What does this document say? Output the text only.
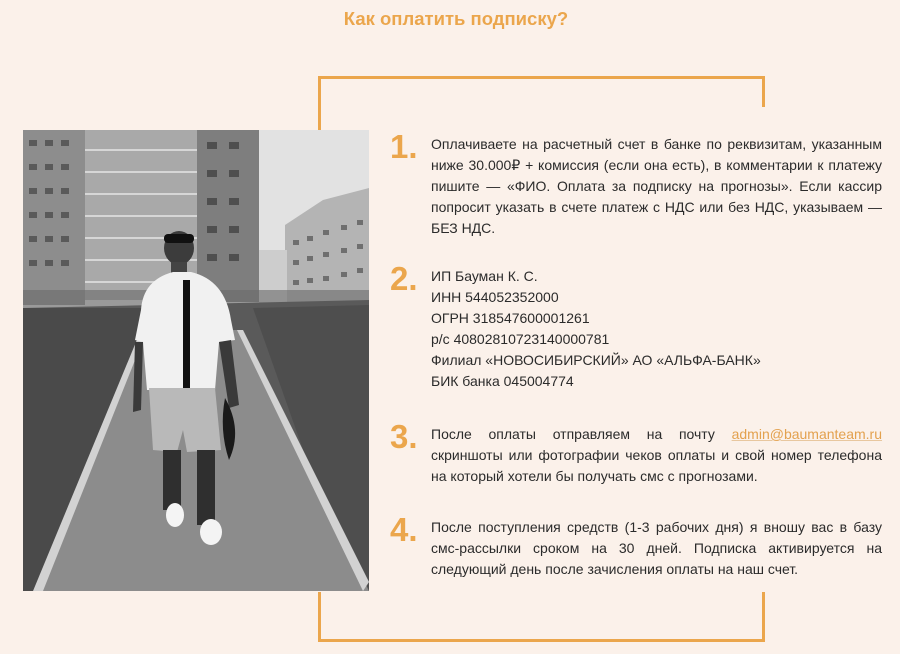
Как оплатить подписку?
1. Оплачиваете на расчетный счет в банке по реквизитам, указанным ниже 30.000₽ + комиссия (если она есть), в комментарии к платежу пишите — «ФИО. Оплата за подписку на прогнозы». Если кассир попросит указать в счете платеж с НДС или без НДС, указываем — БЕЗ НДС.
2. ИП Бауман К. С.
ИНН 544052352000
ОГРН 318547600001261
р/с 40802810723140000781
Филиал «НОВОСИБИРСКИЙ» АО «АЛЬФА-БАНК»
БИК банка 045004774
3. После оплаты отправляем на почту admin@baumanteam.ru скриншоты или фотографии чеков оплаты и свой номер телефона на который хотели бы получать смс с прогнозами.
4. После поступления средств (1-3 рабочих дня) я вношу вас в базу смс-рассылки сроком на 30 дней. Подписка активируется на следующий день после зачисления оплаты на наш счет.
